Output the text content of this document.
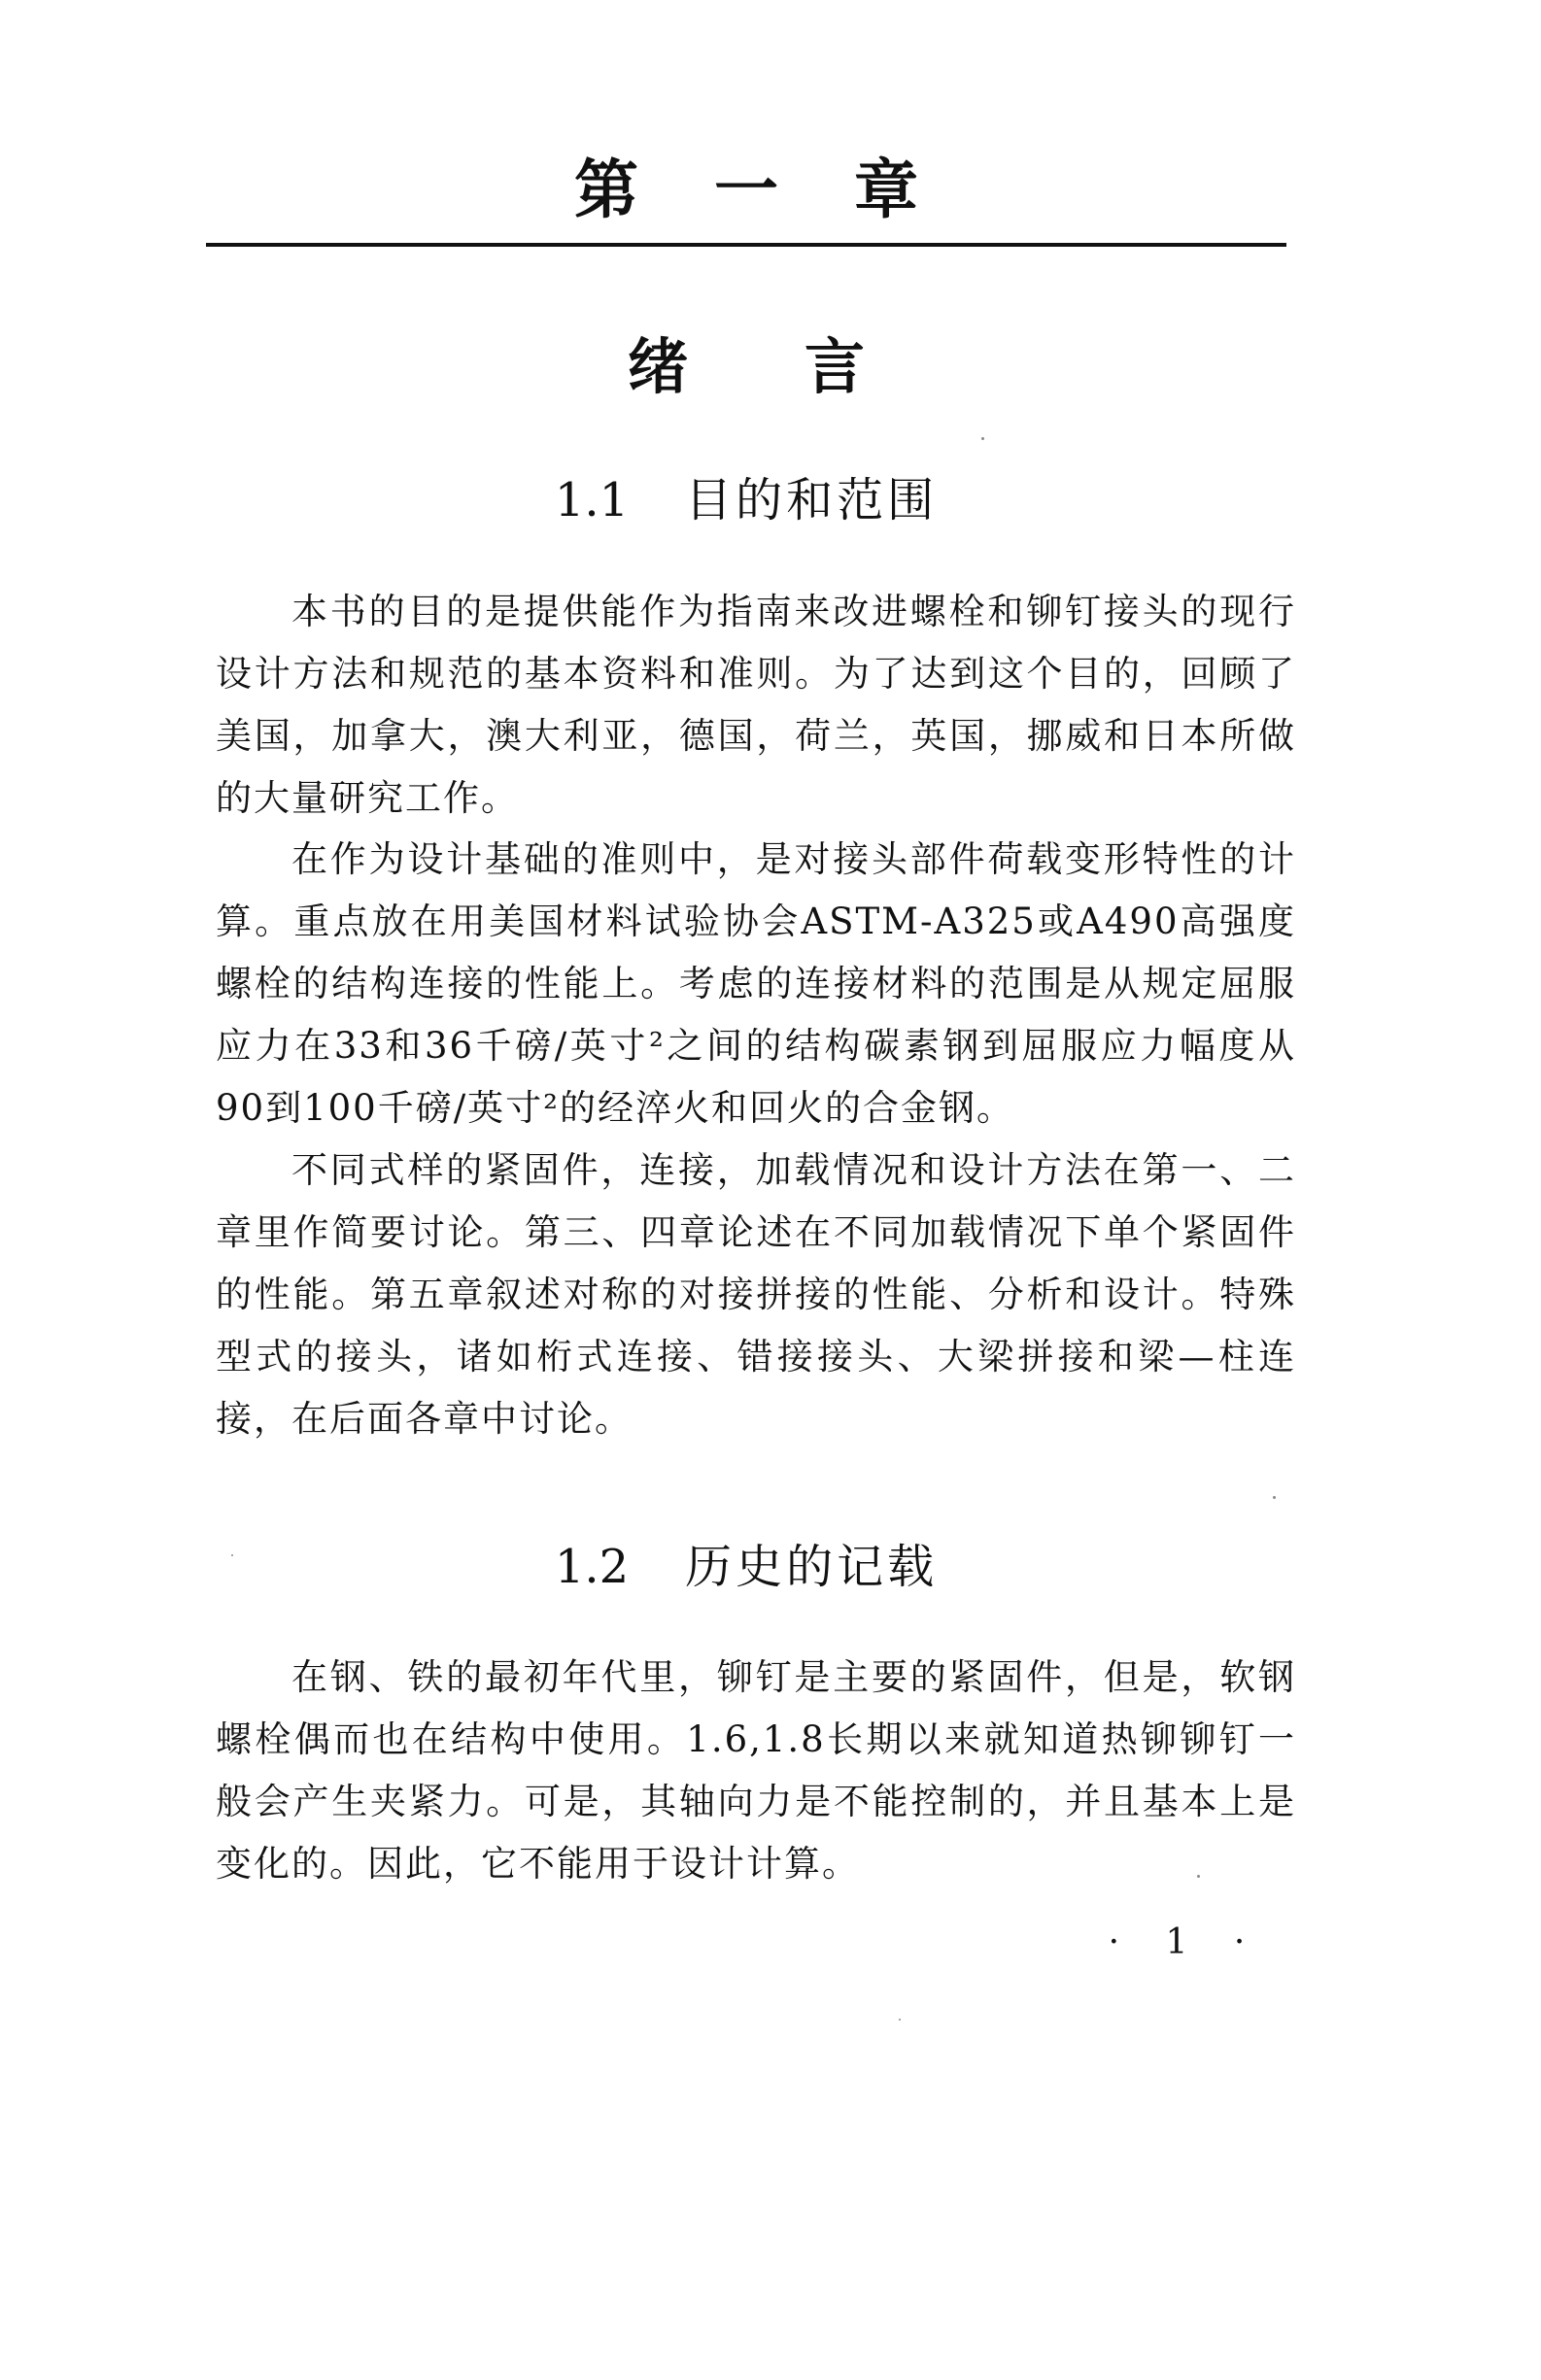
第一章
绪言
1.1 目的和范围

本书的目的是提供能作为指南来改进螺栓和铆钉接头的现行设计方法和规范的基本资料和准则。为了达到这个目的，回顾了美国，加拿大，澳大利亚，德国，荷兰，英国，挪威和日本所做的大量研究工作。

在作为设计基础的准则中，是对接头部件荷载变形特性的计算。重点放在用美国材料试验协会ASTM-A325或A490高强度螺栓的结构连接的性能上。考虑的连接材料的范围是从规定屈服应力在33和36千磅/英寸²之间的结构碳素钢到屈服应力幅度从90到100千磅/英寸²的经淬火和回火的合金钢。

不同式样的紧固件，连接，加载情况和设计方法在第一、二章里作简要讨论。第三、四章论述在不同加载情况下单个紧固件的性能。第五章叙述对称的对接拼接的性能、分析和设计。特殊型式的接头，诸如桁式连接、错接接头、大梁拼接和梁—柱连接，在后面各章中讨论。

1.2 历史的记载

在钢、铁的最初年代里，铆钉是主要的紧固件，但是，软钢螺栓偶而也在结构中使用。1.6,1.8长期以来就知道热铆铆钉一般会产生夹紧力。可是，其轴向力是不能控制的，并且基本上是变化的。因此，它不能用于设计计算。

· 1 ·
